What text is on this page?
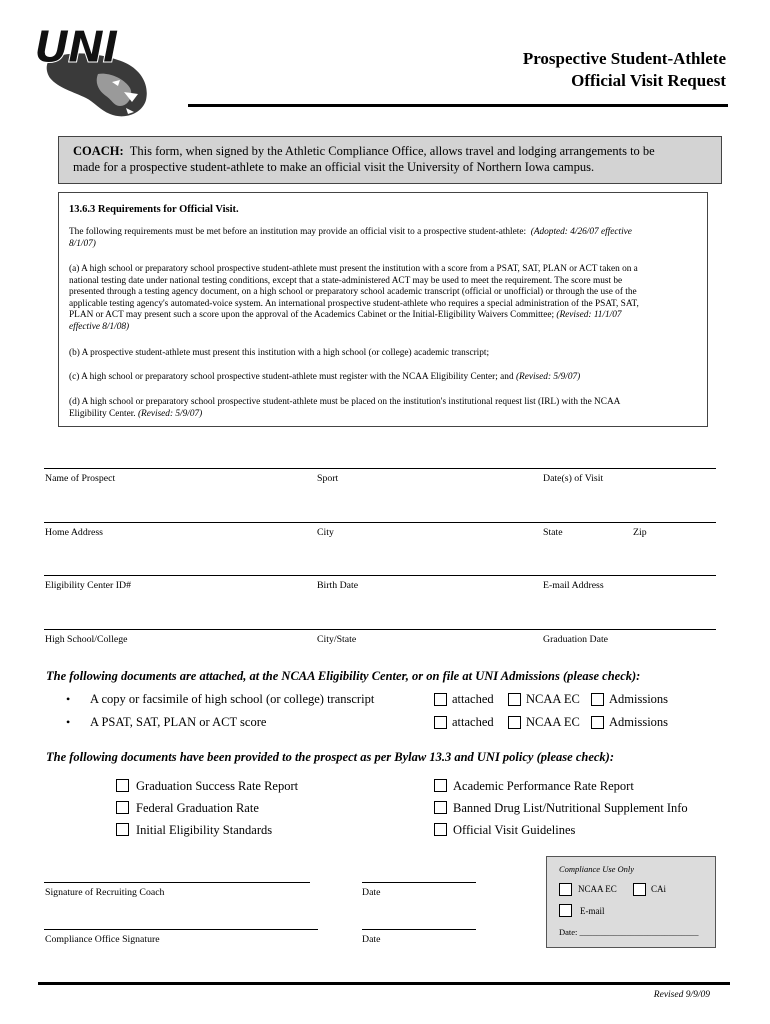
UNI	Prospective Student-Athlete
Official Visit Request
COACH: This form, when signed by the Athletic Compliance Office, allows travel and lodging arrangements to be
made for a prospective student-athlete to make an official visit the University of Northern Iowa campus.
13.6.3 Requirements for Official Visit.
The following requirements must be met before an institution may provide an official visit to a prospective student-athlete: (Adopted: 4/26/07 effective
8/1/07)
(a) A high school or preparatory school prospective student-athlete must present the institution with a score from a PSAT, SAT, PLAN or ACT taken on a
national testing date under national testing conditions, except that a state-administered ACT may be used to meet the requirement. The score must be
presented through a testing agency document, on a high school or preparatory school academic transcript (official or unofficial) or through the use of the
applicable testing agency's automated-voice system. An international prospective student-athlete who requires a special administration of the PSAT, SAT,
PLAN or ACT may present such a score upon the approval of the Academics Cabinet or the Initial-Eligibility Waivers Committee; (Revised: 11/1/07
effective 8/1/08)
(b) A prospective student-athlete must present this institution with a high school (or college) academic transcript;
(c) A high school or preparatory school prospective student-athlete must register with the NCAA Eligibility Center; and (Revised: 5/9/07)
(d) A high school or preparatory school prospective student-athlete must be placed on the institution's institutional request list (IRL) with the NCAA
Eligibility Center. (Revised: 5/9/07)
Name of Prospect	Sport	Date(s) of Visit
Home Address	City	State	Zip
Eligibility Center ID#	Birth Date	E-mail Address
High School/College	City/State	Graduation Date
The following documents are attached, at the NCAA Eligibility Center, or on file at UNI Admissions (please check):
• A copy or facsimile of high school (or college) transcript	attached	NCAA EC Admissions
• A PSAT, SAT, PLAN or ACT score	attached	NCAA EC Admissions
The following documents have been provided to the prospect as per Bylaw 13.3 and UNI policy (please check):
Graduation Success Rate Report
Federal Graduation Rate
Initial Eligibility Standards
Academic Performance Rate Report
Banned Drug List/Nutritional Supplement Info
Official Visit Guidelines
Signature of Recruiting Coach	Date
Compliance Office Signature	Date
Compliance Use Only
NCAA EC	CAi
E-mail
Date: ____________________________
Revised 9/9/09
